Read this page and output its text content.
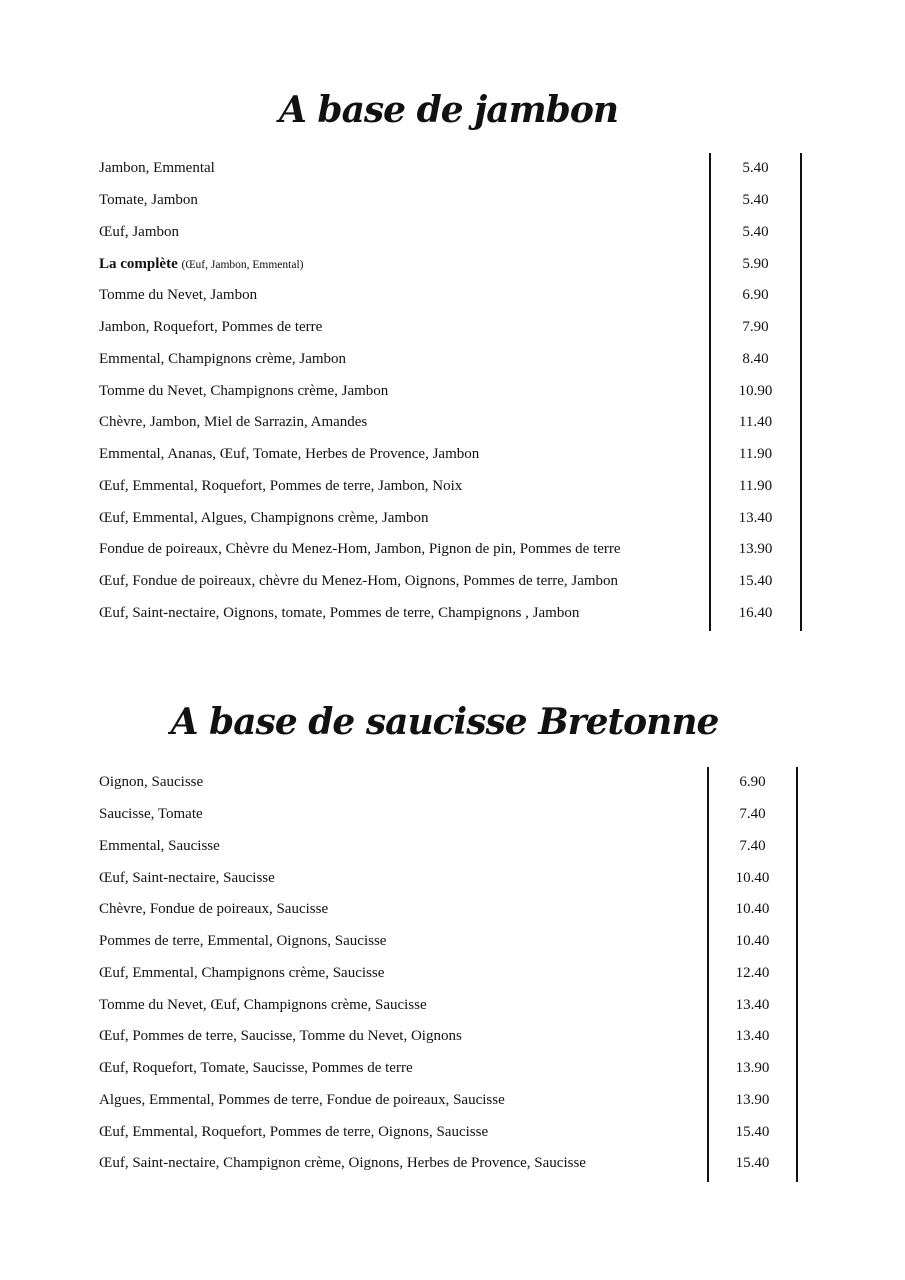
A base de jambon
Jambon, Emmental	5.40
Tomate, Jambon	5.40
Œuf, Jambon	5.40
La complète (Œuf, Jambon, Emmental)	5.90
Tomme du Nevet, Jambon	6.90
Jambon, Roquefort, Pommes de terre	7.90
Emmental, Champignons crème, Jambon	8.40
Tomme du Nevet, Champignons crème, Jambon	10.90
Chèvre, Jambon, Miel de Sarrazin, Amandes	11.40
Emmental, Ananas, Œuf, Tomate, Herbes de Provence, Jambon	11.90
Œuf, Emmental, Roquefort, Pommes de terre, Jambon, Noix	11.90
Œuf, Emmental, Algues, Champignons crème, Jambon	13.40
Fondue de poireaux, Chèvre du Menez-Hom, Jambon, Pignon de pin, Pommes de terre	13.90
Œuf, Fondue de poireaux, chèvre du Menez-Hom, Oignons, Pommes de terre, Jambon	15.40
Œuf, Saint-nectaire, Oignons, tomate, Pommes de terre, Champignons , Jambon	16.40
A base de saucisse Bretonne
Oignon, Saucisse	6.90
Saucisse, Tomate	7.40
Emmental, Saucisse	7.40
Œuf, Saint-nectaire, Saucisse	10.40
Chèvre, Fondue de poireaux, Saucisse	10.40
Pommes de terre, Emmental, Oignons, Saucisse	10.40
Œuf, Emmental, Champignons crème, Saucisse	12.40
Tomme du Nevet, Œuf, Champignons crème, Saucisse	13.40
Œuf, Pommes de terre, Saucisse, Tomme du Nevet, Oignons	13.40
Œuf, Roquefort, Tomate, Saucisse, Pommes de terre	13.90
Algues, Emmental, Pommes de terre, Fondue de poireaux, Saucisse	13.90
Œuf, Emmental, Roquefort, Pommes de terre, Oignons, Saucisse	15.40
Œuf, Saint-nectaire, Champignon crème, Oignons, Herbes de Provence, Saucisse	15.40
